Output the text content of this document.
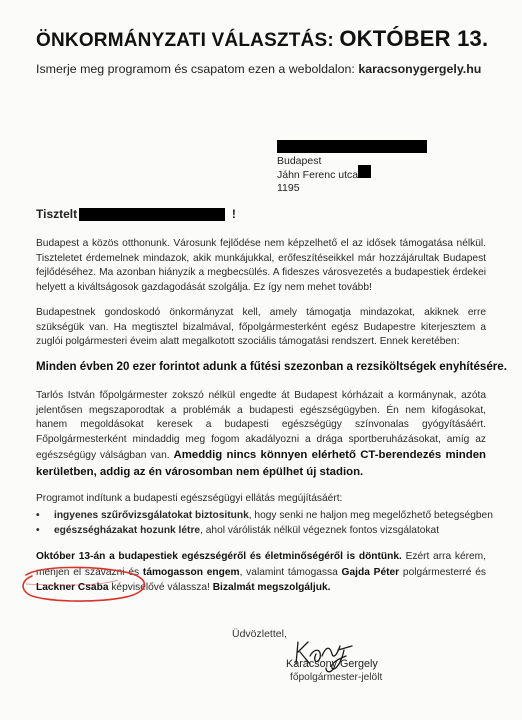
ÖNKORMÁNYZATI VÁLASZTÁS: OKTÓBER 13.
Ismerje meg programom és csapatom ezen a weboldalon: karacsonygergely.hu
Budapest
Jáhn Ferenc utca
1195
Tisztelt	!
Budapest a közös otthonunk. Városunk fejlődése nem képzelhető el az idősek támogatása nélkül. Tiszteletet érdemelnek mindazok, akik munkájukkal, erőfeszítéseikkel már hozzájárultak Budapest fejlődéséhez. Ma azonban hiányzik a megbecsülés. A fideszes városvezetés a budapestiek érdekei helyett a kiváltságosok gazdagodását szolgálja. Ez így nem mehet tovább!
Budapestnek gondoskodó önkormányzat kell, amely támogatja mindazokat, akiknek erre szükségük van. Ha megtisztel bizalmával, főpolgármesterként egész Budapestre kiterjesztem a zuglói polgármesteri éveim alatt megalkotott szociális támogatási rendszert. Ennek keretében:
Minden évben 20 ezer forintot adunk a fűtési szezonban a rezsiköltségek enyhítésére.
Tarlós István főpolgármester zokszó nélkül engedte át Budapest kórházait a kormánynak, azóta jelentősen megszaporodtak a problémák a budapesti egészségügyben. Én nem kifogásokat, hanem megoldásokat keresek a budapesti egészségügy színvonalas gyógyításáért. Főpolgármesterként mindaddig meg fogom akadályozni a drága sportberuházásokat, amíg az egészségügy válságban van. Ameddig nincs könnyen elérhető CT-berendezés minden kerületben, addig az én városomban nem épülhet új stadion.
Programot indítunk a budapesti egészségügyi ellátás megújításáért:
•	ingyenes szűrővizsgálatokat biztositunk, hogy senki ne haljon meg megelőzhető betegségben
•	egészségházakat hozunk létre, ahol várólisták nélkül végeznek fontos vizsgálatokat
Október 13-án a budapestiek egészségéről és életminőségéről is döntünk. Ezért arra kérem, menjen el szavazni és támogasson engem, valamint támogassa Gajda Péter polgármesterré és Lackner Csaba képviselővé válassza! Bizalmát megszolgáljuk.
Üdvözlettel,
Karácsony Gergely
főpolgármester-jelölt
